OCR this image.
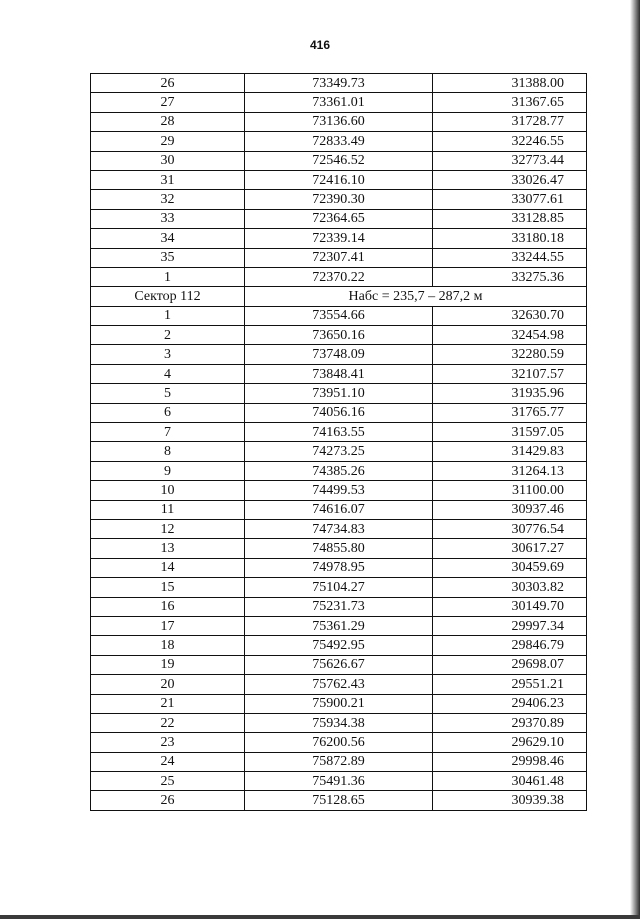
416
26	73349.73	31388.00
27	73361.01	31367.65
28	73136.60	31728.77
29	72833.49	32246.55
30	72546.52	32773.44
31	72416.10	33026.47
32	72390.30	33077.61
33	72364.65	33128.85
34	72339.14	33180.18
35	72307.41	33244.55
1	72370.22	33275.36
Сектор 112	Набс = 235,7 – 287,2 м	
1	73554.66	32630.70
2	73650.16	32454.98
3	73748.09	32280.59
4	73848.41	32107.57
5	73951.10	31935.96
6	74056.16	31765.77
7	74163.55	31597.05
8	74273.25	31429.83
9	74385.26	31264.13
10	74499.53	31100.00
11	74616.07	30937.46
12	74734.83	30776.54
13	74855.80	30617.27
14	74978.95	30459.69
15	75104.27	30303.82
16	75231.73	30149.70
17	75361.29	29997.34
18	75492.95	29846.79
19	75626.67	29698.07
20	75762.43	29551.21
21	75900.21	29406.23
22	75934.38	29370.89
23	76200.56	29629.10
24	75872.89	29998.46
25	75491.36	30461.48
26	75128.65	30939.38
